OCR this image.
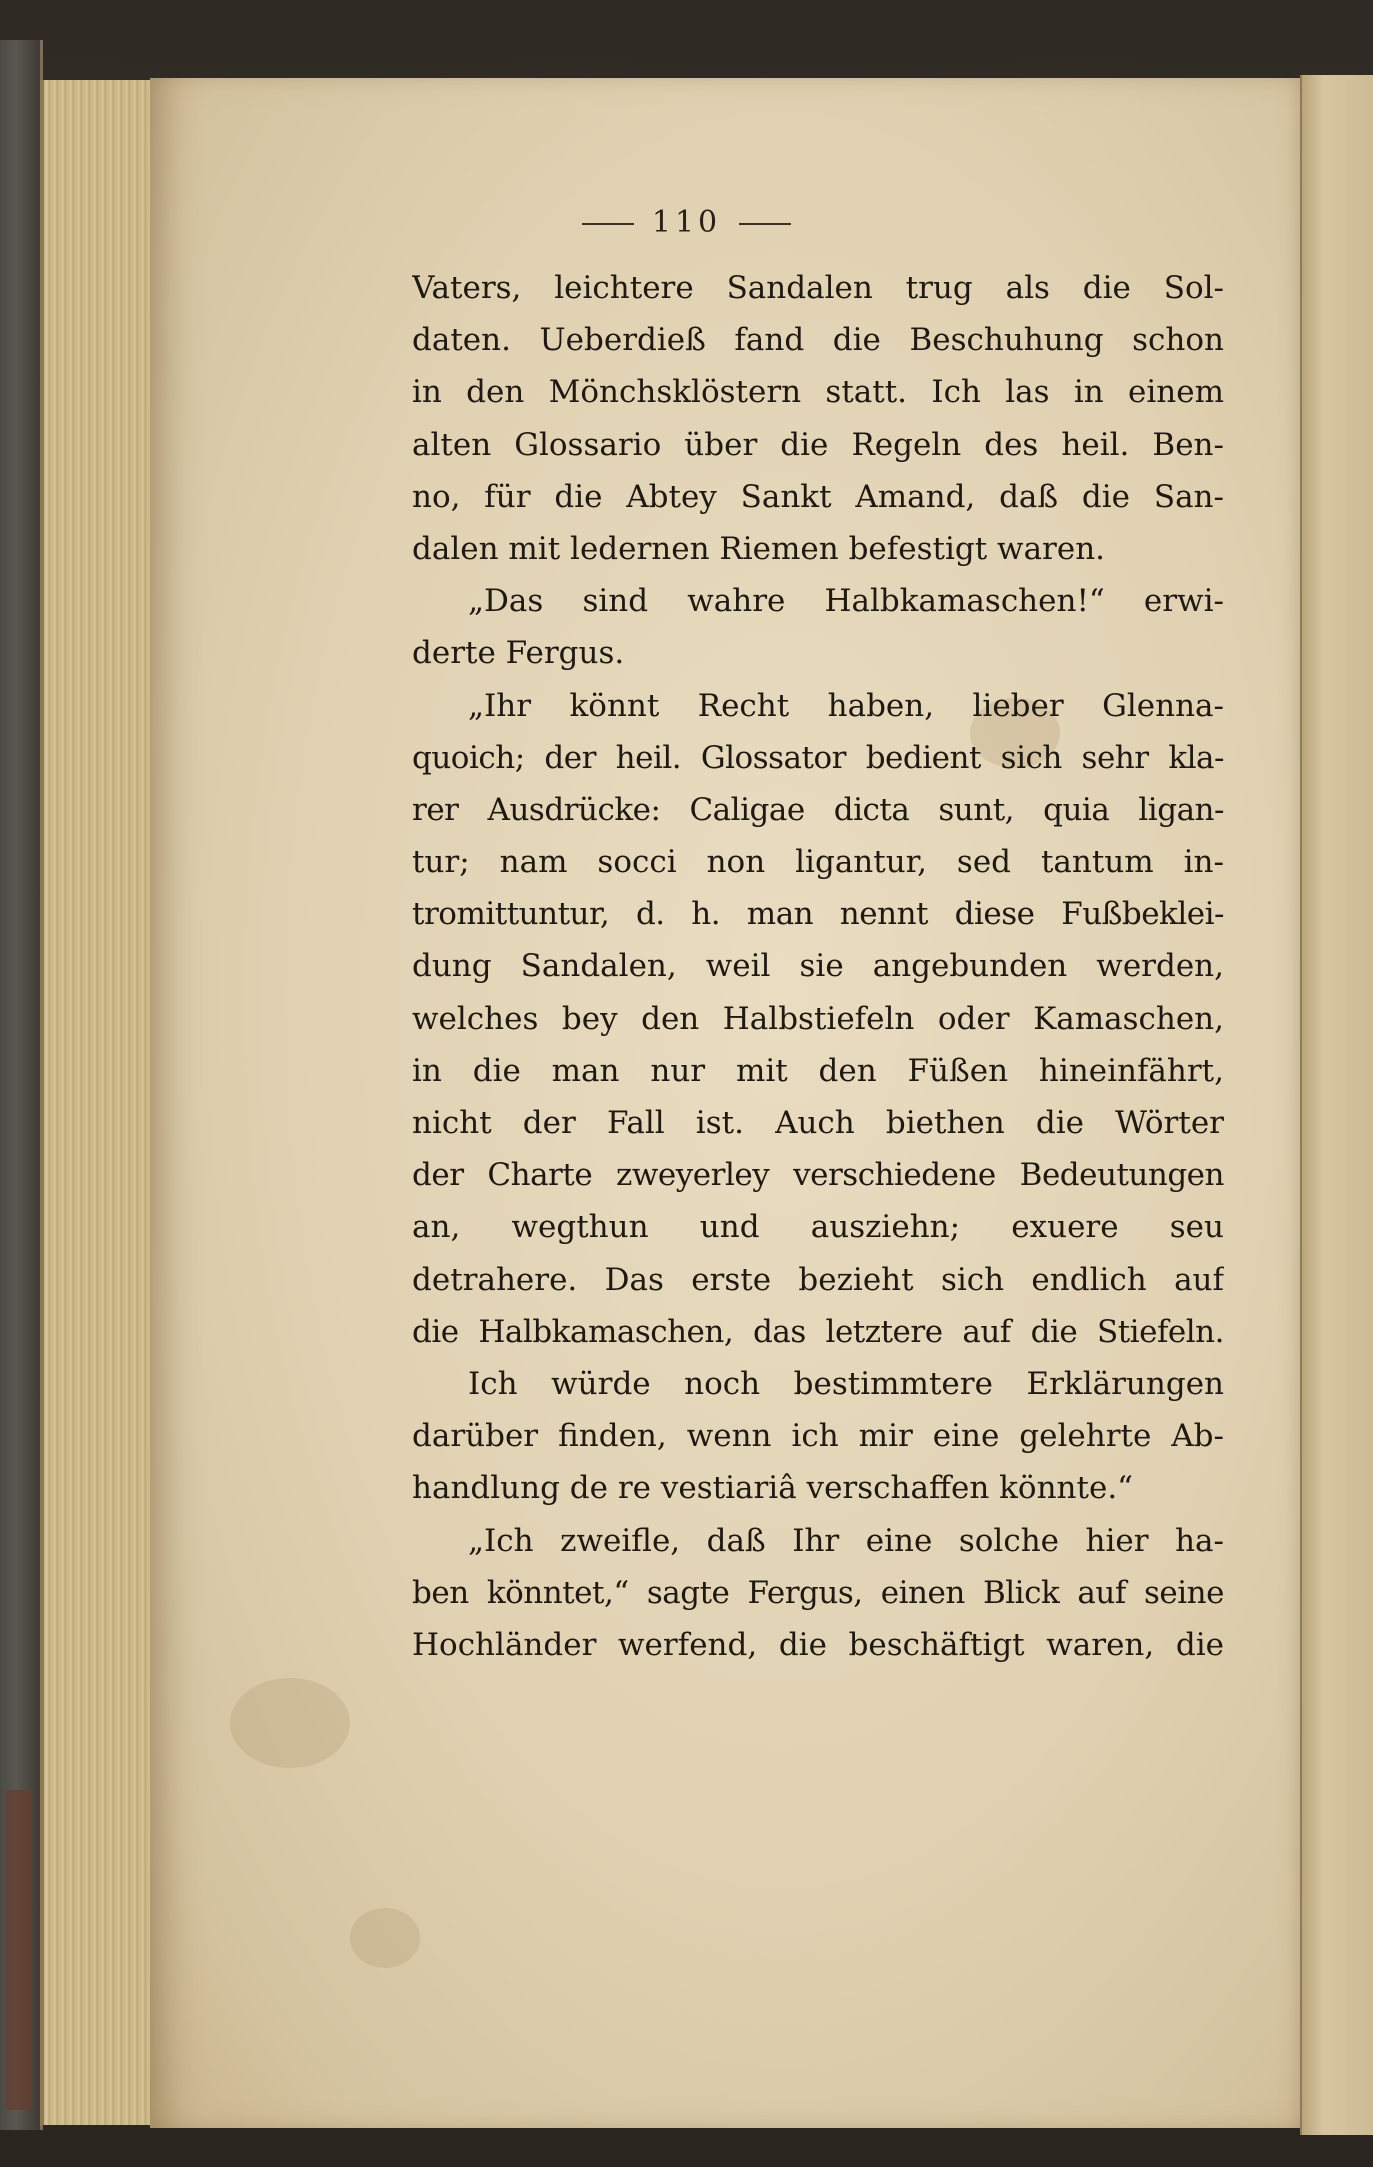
110
Vaters, leichtere Sandalen trug als die Sol-
daten. Ueberdieß fand die Beschuhung schon
in den Mönchsklöstern statt. Ich las in einem
alten Glossario über die Regeln des heil. Ben-
no, für die Abtey Sankt Amand, daß die San-
dalen mit ledernen Riemen befestigt waren.
„Das sind wahre Halbkamaschen!“ erwi-
derte Fergus.
„Ihr könnt Recht haben, lieber Glenna-
quoich; der heil. Glossator bedient sich sehr kla-
rer Ausdrücke: Caligae dicta sunt, quia ligan-
tur; nam socci non ligantur, sed tantum in-
tromittuntur, d. h. man nennt diese Fußbeklei-
dung Sandalen, weil sie angebunden werden,
welches bey den Halbstiefeln oder Kamaschen,
in die man nur mit den Füßen hineinfährt,
nicht der Fall ist. Auch biethen die Wörter
der Charte zweyerley verschiedene Bedeutungen
an, wegthun und ausziehn; exuere seu
detrahere. Das erste bezieht sich endlich auf
die Halbkamaschen, das letztere auf die Stiefeln.
Ich würde noch bestimmtere Erklärungen
darüber finden, wenn ich mir eine gelehrte Ab-
handlung de re vestiariâ verschaffen könnte.“
„Ich zweifle, daß Ihr eine solche hier ha-
ben könntet,“ sagte Fergus, einen Blick auf seine
Hochländer werfend, die beschäftigt waren, die
